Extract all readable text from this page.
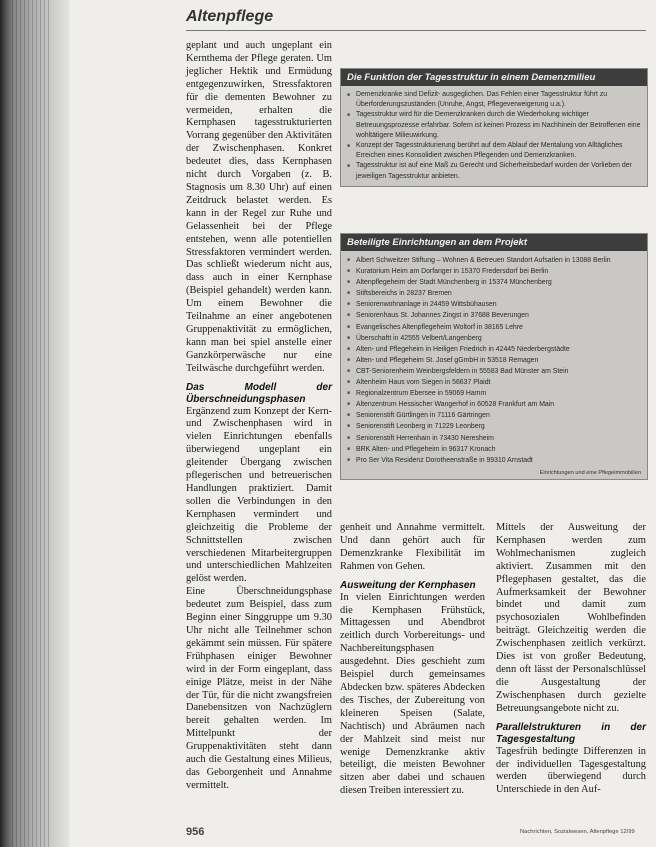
Altenpflege

geplant und auch ungeplant ein Kernthema der Pflege geraten. Um jeglicher Hektik und Ermüdung entgegenzuwirken, Stressfaktoren für die dementen Bewohner zu vermeiden, erhalten die Kernphasen tagesstrukturierten Vorrang gegenüber den Aktivitäten der Zwischenphasen. Konkret bedeutet dies, dass Kernphasen nicht durch Vorgaben (z. B. Stagnosis um 8.30 Uhr) auf einen Zeitdruck belastet werden. Es kann in der Regel zur Ruhe und Gelassenheit bei der Pflege entstehen, wenn alle potentiellen Stressfaktoren vermindert werden. Das schließt wiederum nicht aus, dass auch in einer Kernphase (Beispiel gehandelt) werden kann. Um einem Bewohner die Teilnahme an einer angebotenen Gruppenaktivität zu ermöglichen, kann man bei spiel anstelle einer Ganzkörperwäsche nur eine Teilwäsche durchgeführt werden.

Das Modell der Überschneidungsphasen

Ergänzend zum Konzept der Kern- und Zwischenphasen wird in vielen Einrichtungen ebenfalls überwiegend ungeplant ein gleitender Übergang zwischen pflegerischen und betreuerischen Handlungen praktiziert. Damit sollen die Verbindungen in den Kernphasen vermindert und gleichzeitig die Probleme der Schnittstellen zwischen verschiedenen Mitarbeitergruppen und unterschiedlichen Mahlzeiten gelöst werden.

Eine Überschneidungsphase bedeutet zum Beispiel, dass zum Beginn einer Singgruppe um 9.30 Uhr nicht alle Teilnehmer schon gekämmt sein müssen. Für spätere Frühphasen einiger Bewohner wird in der Form eingeplant, dass einige Plätze, meist in der Nähe der Tür, für die nicht zwangsfreien Danebensitzen von Nachzüglern bereit gehalten werden. Im Mittelpunkt der Gruppenaktivitäten steht dann auch die Gestaltung eines Milieus, das Geborgenheit und Annahme vermittelt.

Die Funktion der Tagesstruktur in einem Demenzmilieu
■ Demenzkranke sind Defizit- ausgeglichen. Das Fehlen einer Tagesstruktur führt zu Überforderungszuständen (Unruhe, Angst, Pflegeverweigerung u.a.).
■ Tagesstruktur wird für die Demenzkranken durch die Wiederholung wichtiger Betreuungsprozesse erfahrbar. Sofern ist keinen Prozess im Nachhinein der Betroffenen eine wohltätigere Milieuwirkung.
■ Konzept der Tagesstrukturierung berührt auf dem Ablauf der Mentalung von Alltägliches Erreichen eines Konsolidiert zwischen Pflegenden und Demenzkranken.
■ Tagesstruktur ist auf eine Maß zu Gerecht und Sicherheitsbedarf wurden der Vorlieben der jeweiligen Tagesstruktur anbieten.
Beteiligte Einrichtungen an dem Projekt
■ Albert Schweitzer Stiftung – Wohnen & Betreuen Standort Aufsatlen in 13088 Berlin
■ Kuratorium Heim am Dorfanger in 15370 Fredersdorf bei Berlin
■ Altenpflegeheim der Stadt Münchenberg in 15374 Münchenberg
■ Stiftsbereichs in 28237 Bremen
■ Seniorenwohnanlage in 24459 Wittsbühausen
■ Seniorenhaus St. Johannes Zingst in 37688 Beverungen
■ Evangelisches Altenpflegeheim Woltorf in 38165 Lehre
■ Überschaftt in 42555 Velbert/Langenberg
■ Alten- und Pflegeheim in Heiligen Friedrich in 42445 Niederbergstädte
■ Alten- und Pflegeheim St. Josef gGmbH in 53518 Remagen
■ CBT-Seniorenheim Weinbergsfeldern in 55583 Bad Münster am Stein
■ Altenheim Haus vom Siegen in 56637 Plaidt
■ Regionalzentrum Ebersee in 59069 Hamm
■ Altenzentrum Hessischer Wangerhof in 60528 Frankfurt am Main
■ Seniorenstift Gürtlingen in 71116 Gärtringen
■ Seniorenstift Leonberg in 71229 Leonberg
■ Seniorenstift Herrenhain in 73430 Neresheim
■ BRK Alten- und Pflegeheim in 96317 Kronach
■ Pro Ser Vita Residenz Dorotheenstraße in 99310 Arnstadt
Einrichtungen und eine Pflegeimmobilien

genheit und Annahme vermittelt. Und dann gehört auch für Demenzkranke Flexibilität im Rahmen von Gehen.

Ausweitung der Kernphasen

In vielen Einrichtungen werden die Kernphasen Frühstück, Mittagessen und Abendbrot zeitlich durch Vorbereitungs- und Nachbereitungsphasen ausgedehnt. Dies geschieht zum Beispiel durch gemeinsames Abdecken bzw. späteres Abdecken des Tisches, der Zubereitung von kleineren Speisen (Salate, Nachtisch) und Abräumen nach der Mahlzeit sind meist nur wenige Demenzkranke aktiv beteiligt, die meisten Bewohner sitzen aber dabei und schauen diesen Treiben interessiert zu.

Mittels der Ausweitung der Kernphasen werden zum Wohlmechanismen zugleich aktiviert. Zusammen mit den Pflegephasen gestaltet, das die Aufmerksamkeit der Bewohner bindet und damit zum psychosozialen Wohlbefinden beiträgt. Gleichzeitig werden die Zwischenphasen zeitlich verkürzt. Dies ist von großer Bedeutung, denn oft lässt der Personalschlüssel die Ausgestaltung der Zwischenphasen durch gezielte Betreuungsangebote nicht zu.

Parallelstrukturen in der Tagesgestaltung

Tagesfrüh bedingte Differenzen in der individuellen Tagesgestaltung werden überwiegend durch Unterschiede in den Auf-

956	Nachrichten, Sozialwesen, Altenpflege 12/99
